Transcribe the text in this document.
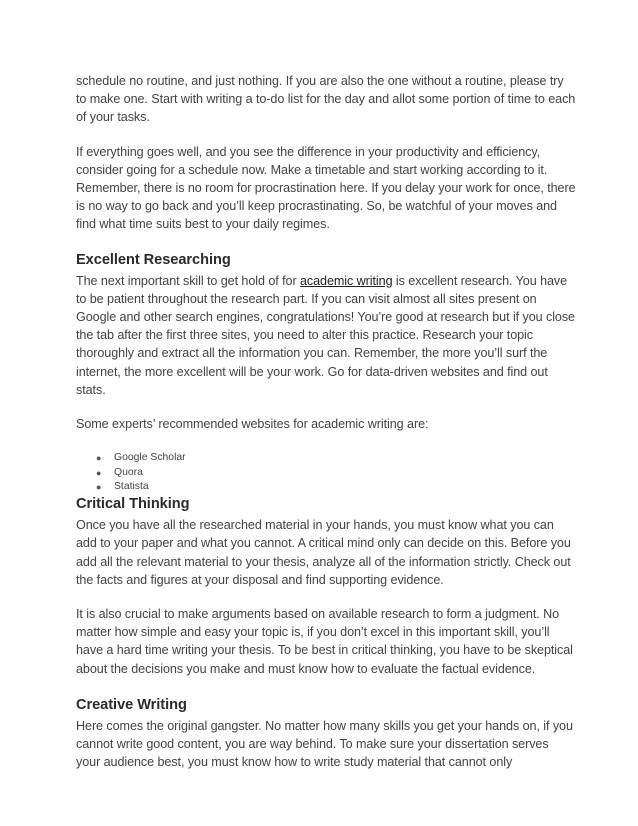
schedule no routine, and just nothing. If you are also the one without a routine, please try to make one. Start with writing a to-do list for the day and allot some portion of time to each of your tasks.

If everything goes well, and you see the difference in your productivity and efficiency, consider going for a schedule now. Make a timetable and start working according to it. Remember, there is no room for procrastination here. If you delay your work for once, there is no way to go back and you’ll keep procrastinating. So, be watchful of your moves and find what time suits best to your daily regimes.

Excellent Researching

The next important skill to get hold of for academic writing is excellent research. You have to be patient throughout the research part. If you can visit almost all sites present on Google and other search engines, congratulations! You’re good at research but if you close the tab after the first three sites, you need to alter this practice. Research your topic thoroughly and extract all the information you can. Remember, the more you’ll surf the internet, the more excellent will be your work. Go for data-driven websites and find out stats.

Some experts’ recommended websites for academic writing are:

● Google Scholar
● Quora
● Statista
Critical Thinking

Once you have all the researched material in your hands, you must know what you can add to your paper and what you cannot. A critical mind only can decide on this. Before you add all the relevant material to your thesis, analyze all of the information strictly. Check out the facts and figures at your disposal and find supporting evidence.

It is also crucial to make arguments based on available research to form a judgment. No matter how simple and easy your topic is, if you don’t excel in this important skill, you’ll have a hard time writing your thesis. To be best in critical thinking, you have to be skeptical about the decisions you make and must know how to evaluate the factual evidence.

Creative Writing

Here comes the original gangster. No matter how many skills you get your hands on, if you cannot write good content, you are way behind. To make sure your dissertation serves your audience best, you must know how to write study material that cannot only
